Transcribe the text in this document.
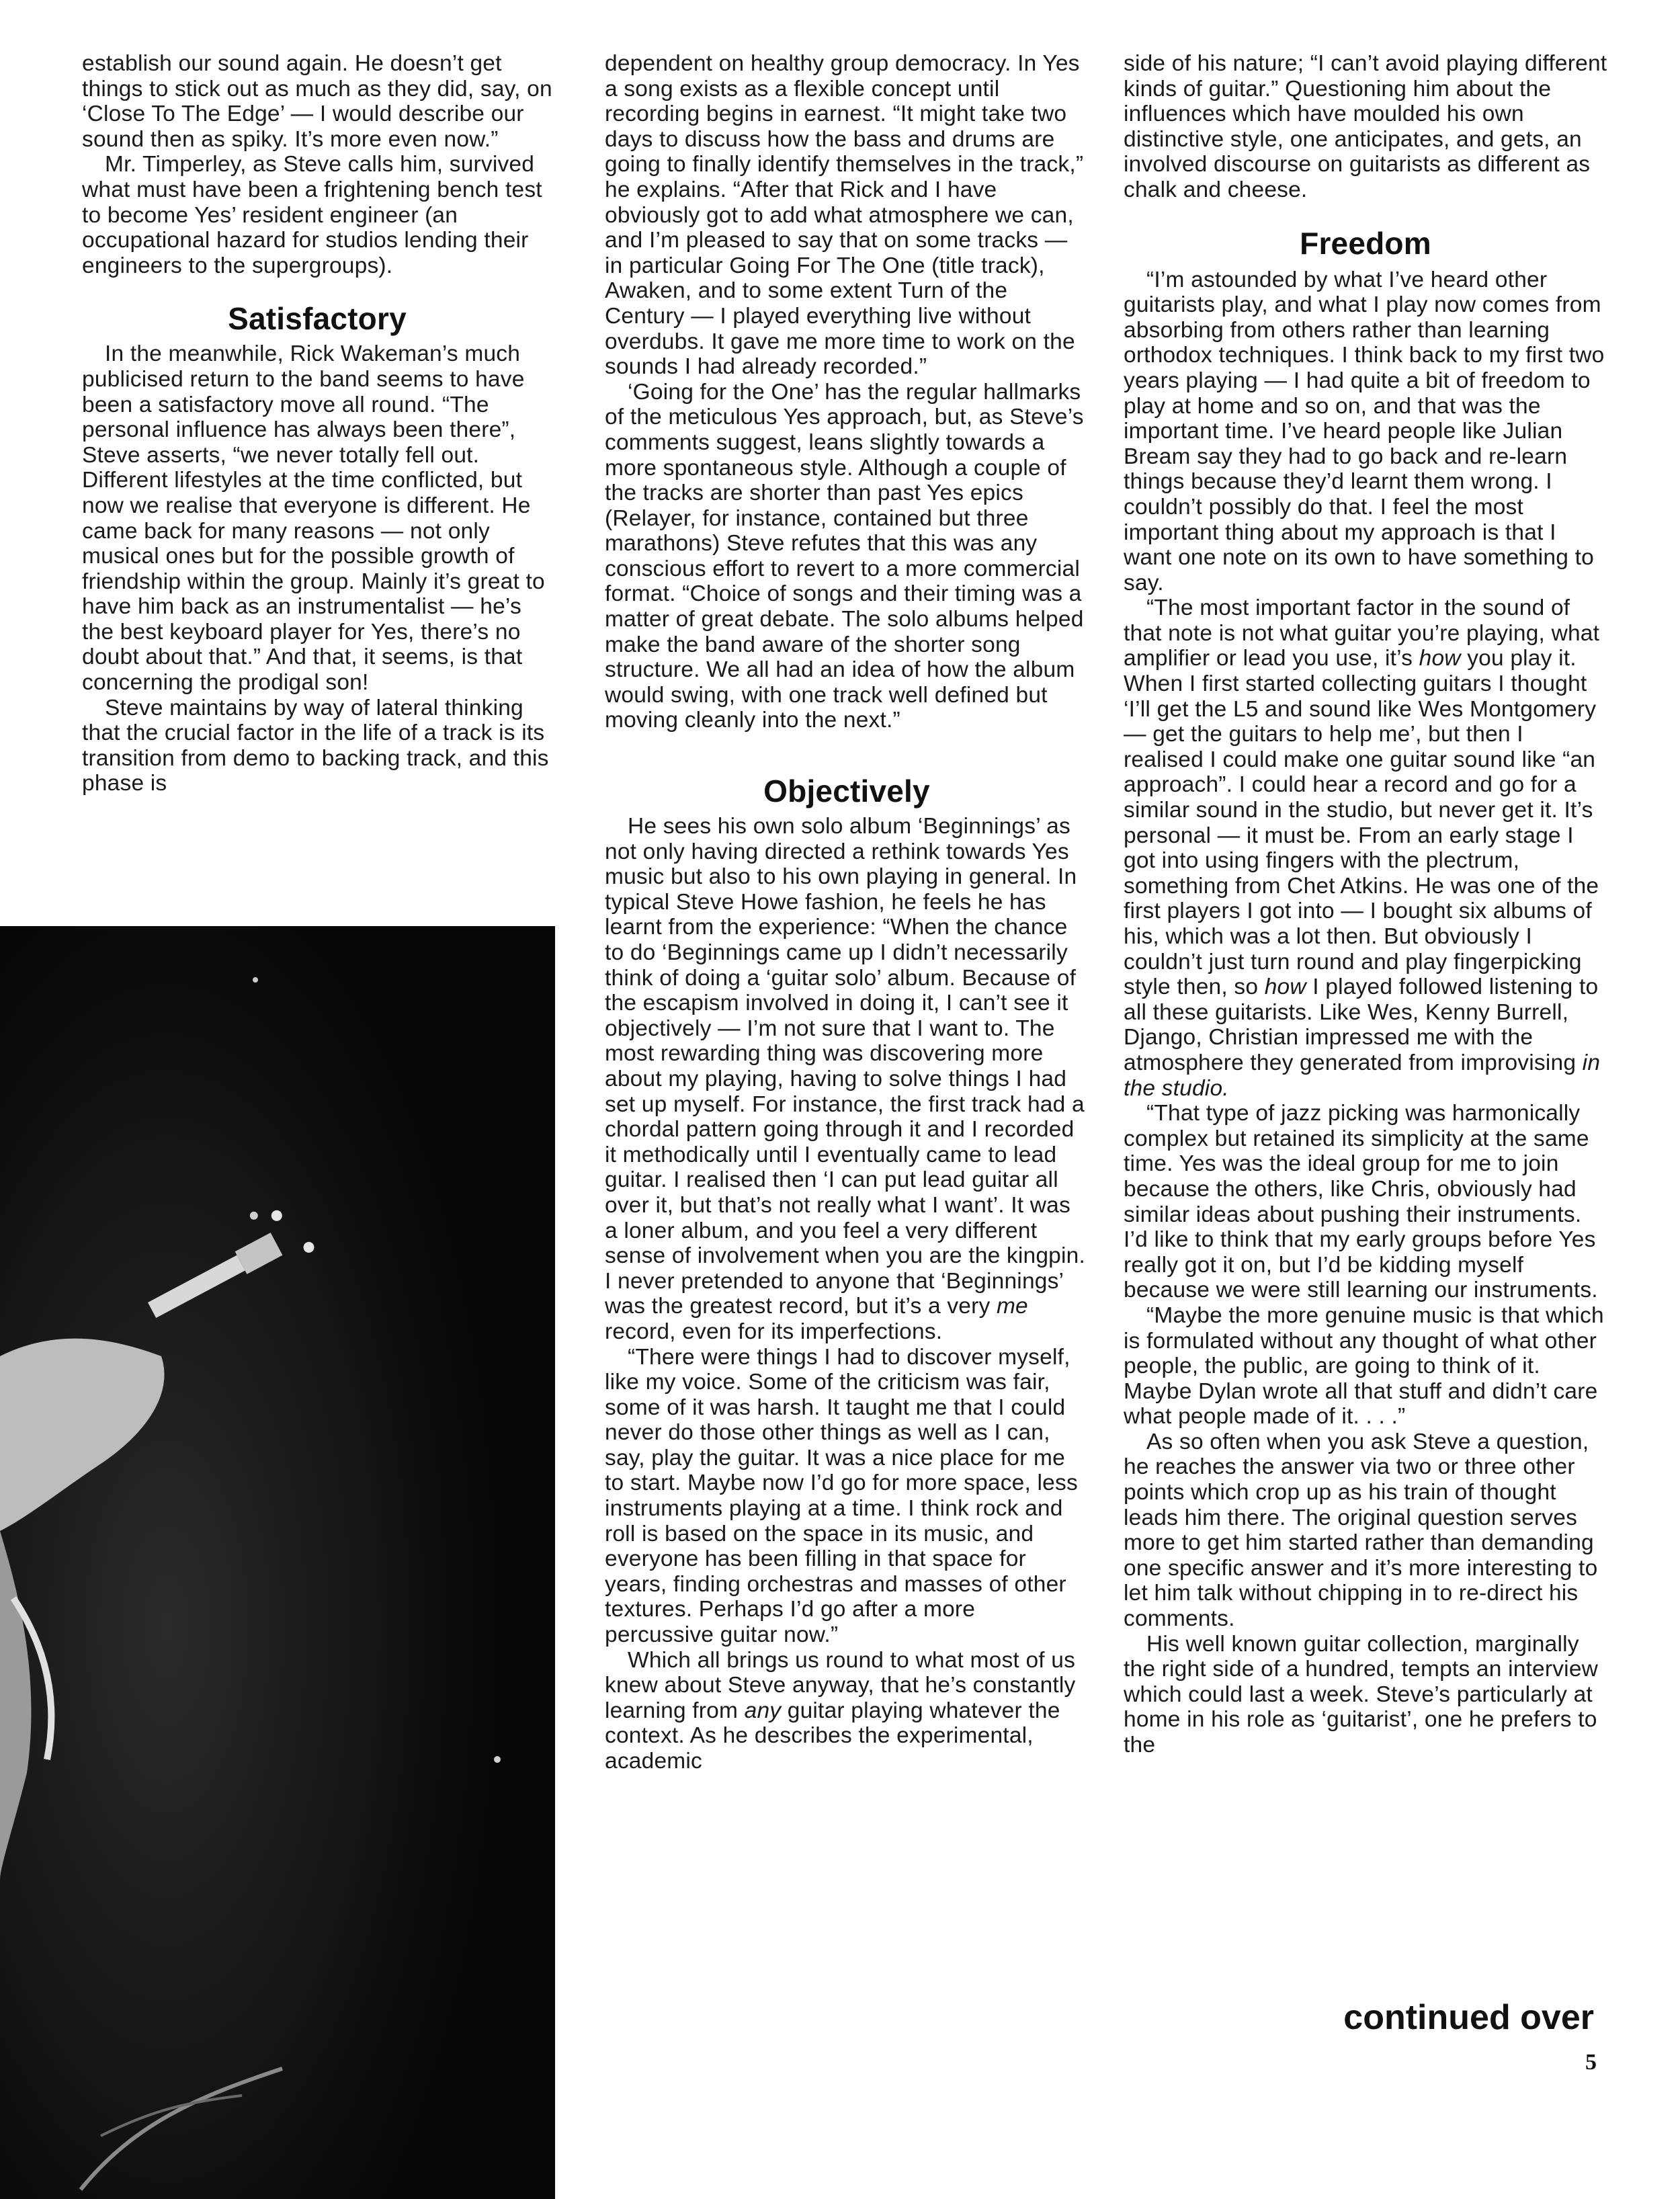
establish our sound again. He doesn’t get things to stick out as much as they did, say, on ‘Close To The Edge’ — I would describe our sound then as spiky. It’s more even now.”

Mr. Timperley, as Steve calls him, survived what must have been a frightening bench test to become Yes’ resident engineer (an occupational hazard for studios lending their engineers to the supergroups).

Satisfactory

In the meanwhile, Rick Wakeman’s much publicised return to the band seems to have been a satisfactory move all round. “The personal influence has always been there”, Steve asserts, “we never totally fell out. Different lifestyles at the time conflicted, but now we realise that everyone is different. He came back for many reasons — not only musical ones but for the possible growth of friendship within the group. Mainly it’s great to have him back as an instrumentalist — he’s the best keyboard player for Yes, there’s no doubt about that.” And that, it seems, is that concerning the prodigal son!

Steve maintains by way of lateral thinking that the crucial factor in the life of a track is its transition from demo to backing track, and this phase is

dependent on healthy group democracy. In Yes a song exists as a flexible concept until recording begins in earnest. “It might take two days to discuss how the bass and drums are going to finally identify themselves in the track,” he explains. “After that Rick and I have obviously got to add what atmosphere we can, and I’m pleased to say that on some tracks — in particular Going For The One (title track), Awaken, and to some extent Turn of the Century — I played everything live without overdubs. It gave me more time to work on the sounds I had already recorded.”

‘Going for the One’ has the regular hallmarks of the meticulous Yes approach, but, as Steve’s comments suggest, leans slightly towards a more spontaneous style. Although a couple of the tracks are shorter than past Yes epics (Relayer, for instance, contained but three marathons) Steve refutes that this was any conscious effort to revert to a more commercial format. “Choice of songs and their timing was a matter of great debate. The solo albums helped make the band aware of the shorter song structure. We all had an idea of how the album would swing, with one track well defined but moving cleanly into the next.”

Objectively

He sees his own solo album ‘Beginnings’ as not only having directed a rethink towards Yes music but also to his own playing in general. In typical Steve Howe fashion, he feels he has learnt from the experience: “When the chance to do ‘Beginnings came up I didn’t necessarily think of doing a ‘guitar solo’ album. Because of the escapism involved in doing it, I can’t see it objectively — I’m not sure that I want to. The most rewarding thing was discovering more about my playing, having to solve things I had set up myself. For instance, the first track had a chordal pattern going through it and I recorded it methodically until I eventually came to lead guitar. I realised then ‘I can put lead guitar all over it, but that’s not really what I want’. It was a loner album, and you feel a very different sense of involvement when you are the kingpin. I never pretended to anyone that ‘Beginnings’ was the greatest record, but it’s a very me record, even for its imperfections.

“There were things I had to discover myself, like my voice. Some of the criticism was fair, some of it was harsh. It taught me that I could never do those other things as well as I can, say, play the guitar. It was a nice place for me to start. Maybe now I’d go for more space, less instruments playing at a time. I think rock and roll is based on the space in its music, and everyone has been filling in that space for years, finding orchestras and masses of other textures. Perhaps I’d go after a more percussive guitar now.”

Which all brings us round to what most of us knew about Steve anyway, that he’s constantly learning from any guitar playing whatever the context. As he describes the experimental, academic

side of his nature; “I can’t avoid playing different kinds of guitar.” Questioning him about the influences which have moulded his own distinctive style, one anticipates, and gets, an involved discourse on guitarists as different as chalk and cheese.

Freedom

“I’m astounded by what I’ve heard other guitarists play, and what I play now comes from absorbing from others rather than learning orthodox techniques. I think back to my first two years playing — I had quite a bit of freedom to play at home and so on, and that was the important time. I’ve heard people like Julian Bream say they had to go back and re-learn things because they’d learnt them wrong. I couldn’t possibly do that. I feel the most important thing about my approach is that I want one note on its own to have something to say.

“The most important factor in the sound of that note is not what guitar you’re playing, what amplifier or lead you use, it’s how you play it. When I first started collecting guitars I thought ‘I’ll get the L5 and sound like Wes Montgomery — get the guitars to help me’, but then I realised I could make one guitar sound like “an approach”. I could hear a record and go for a similar sound in the studio, but never get it. It’s personal — it must be. From an early stage I got into using fingers with the plectrum, something from Chet Atkins. He was one of the first players I got into — I bought six albums of his, which was a lot then. But obviously I couldn’t just turn round and play fingerpicking style then, so how I played followed listening to all these guitarists. Like Wes, Kenny Burrell, Django, Christian impressed me with the atmosphere they generated from improvising in the studio.

“That type of jazz picking was harmonically complex but retained its simplicity at the same time. Yes was the ideal group for me to join because the others, like Chris, obviously had similar ideas about pushing their instruments. I’d like to think that my early groups before Yes really got it on, but I’d be kidding myself because we were still learning our instruments.

“Maybe the more genuine music is that which is formulated without any thought of what other people, the public, are going to think of it. Maybe Dylan wrote all that stuff and didn’t care what people made of it. . . .”

As so often when you ask Steve a question, he reaches the answer via two or three other points which crop up as his train of thought leads him there. The original question serves more to get him started rather than demanding one specific answer and it’s more interesting to let him talk without chipping in to re-direct his comments.

His well known guitar collection, marginally the right side of a hundred, tempts an interview which could last a week. Steve’s particularly at home in his role as ‘guitarist’, one he prefers to the

continued over
5
